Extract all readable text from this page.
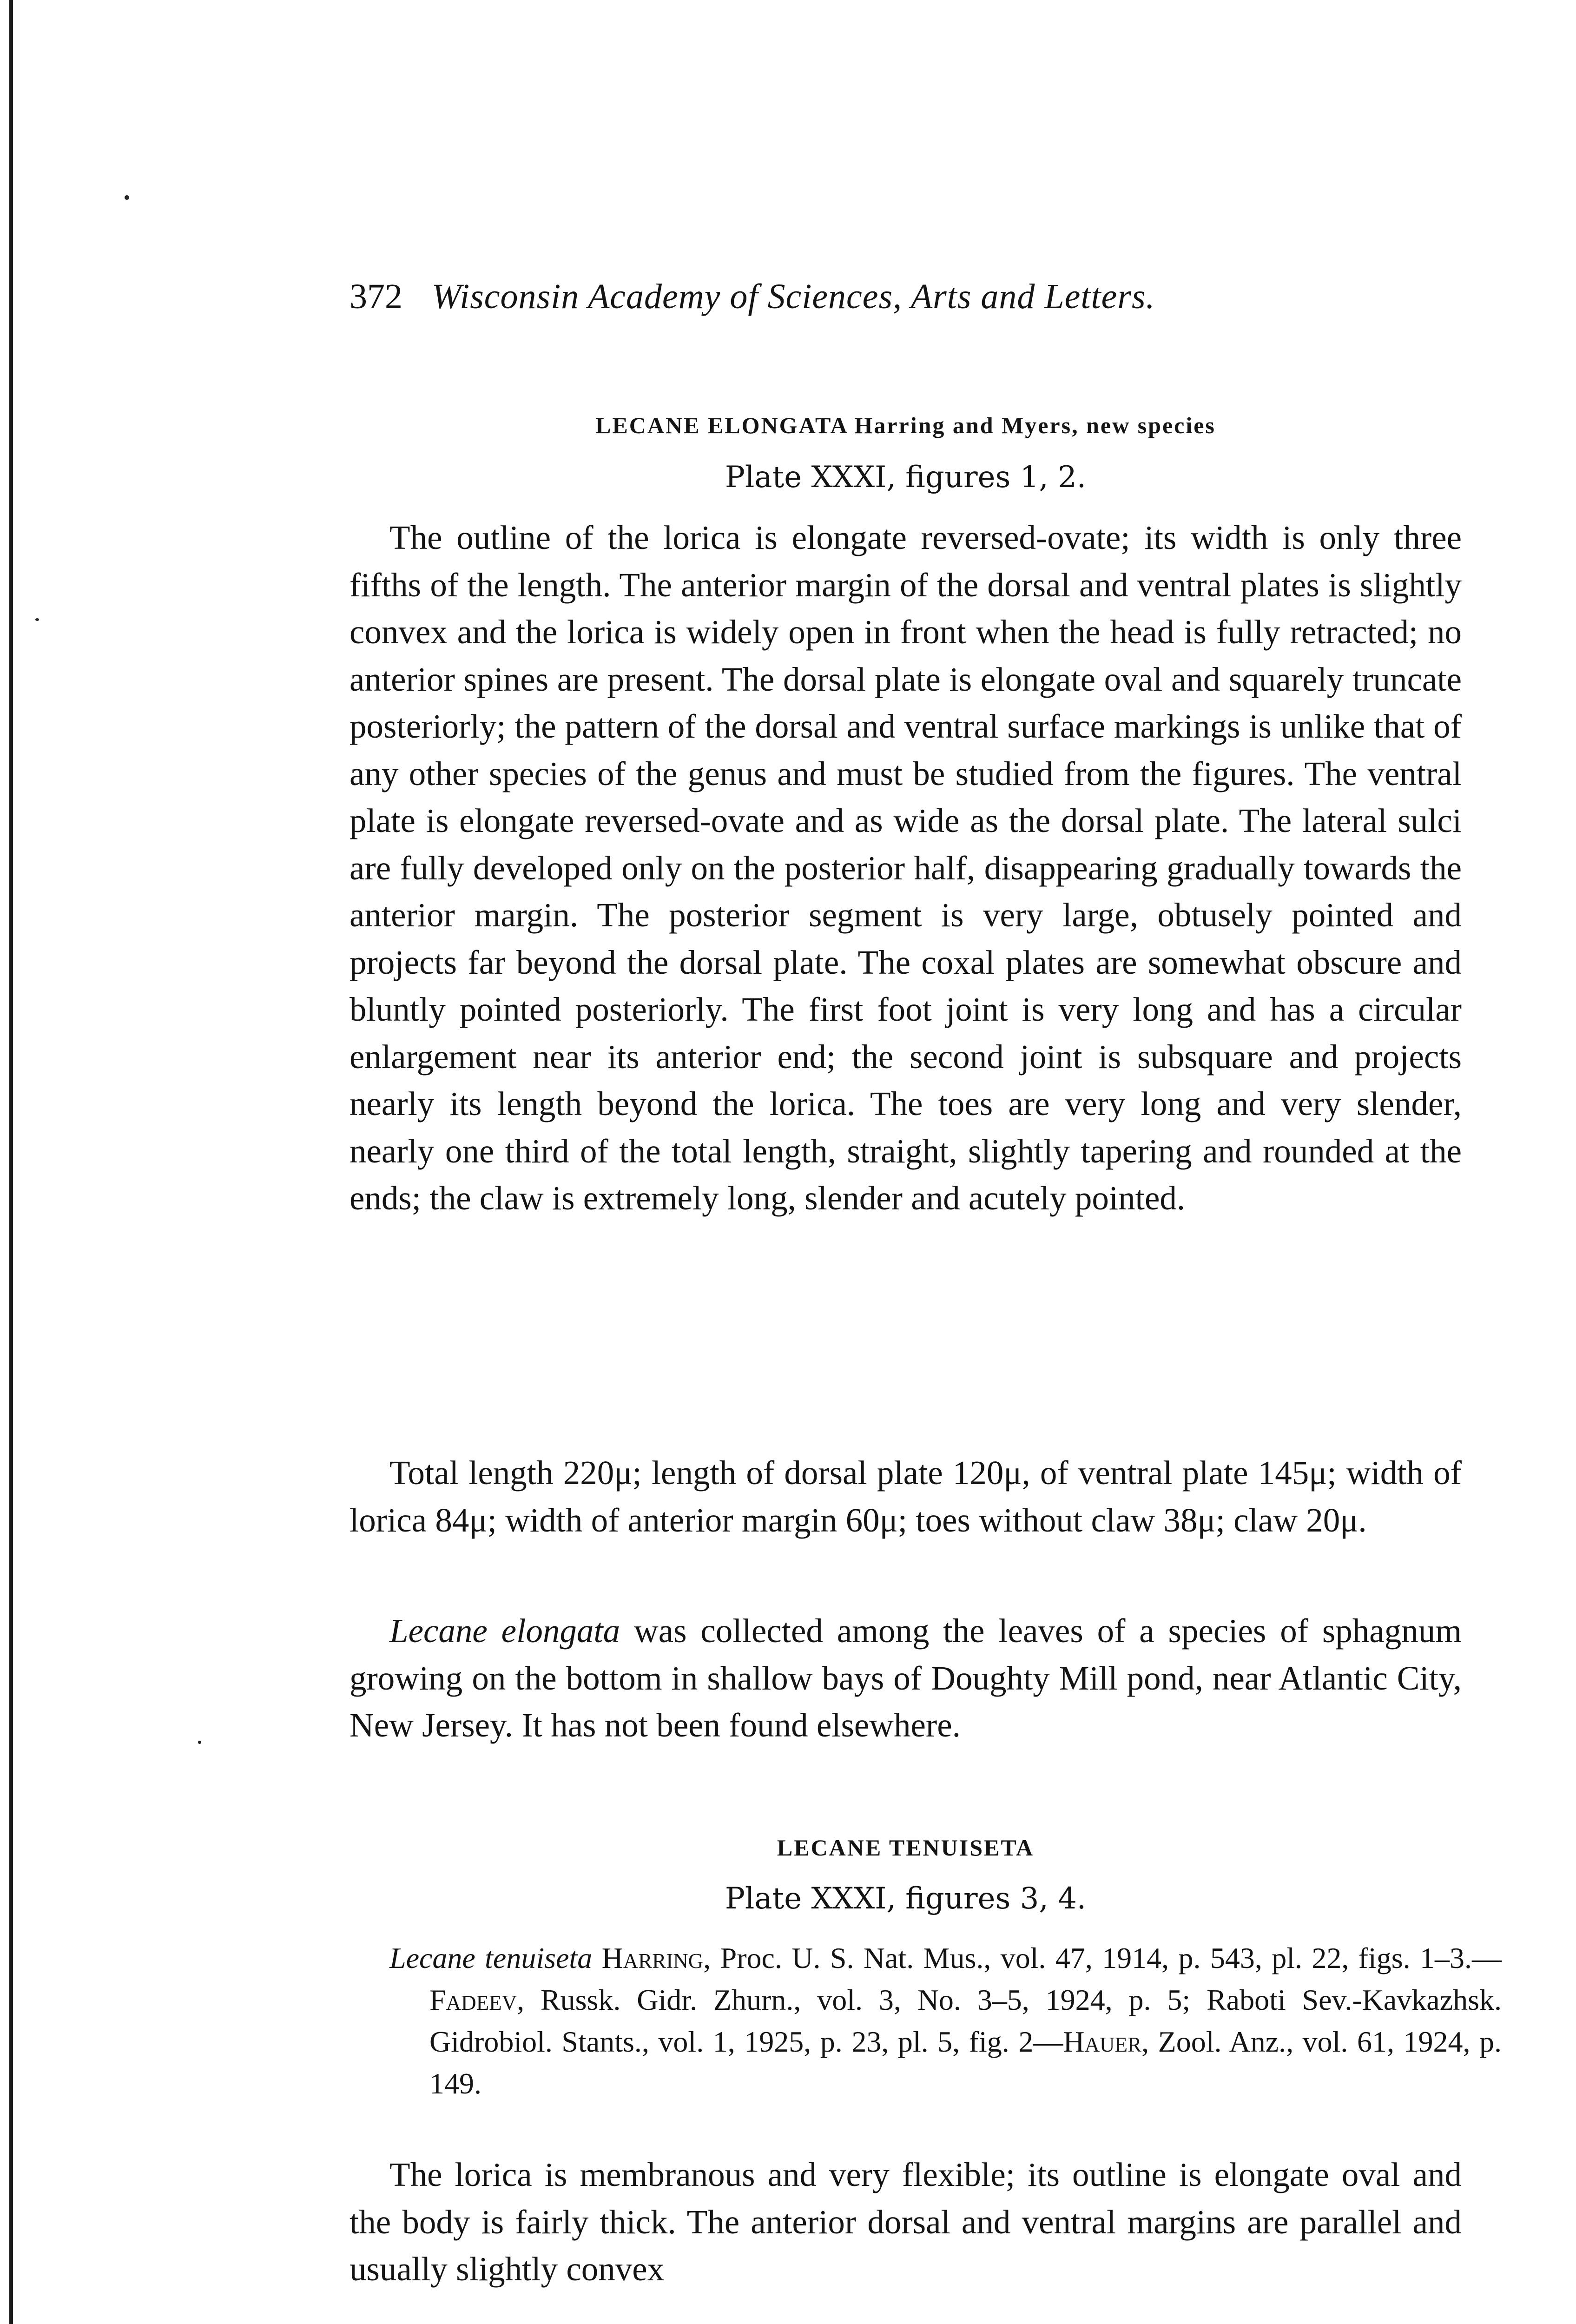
372 Wisconsin Academy of Sciences, Arts and Letters.
LECANE ELONGATA Harring and Myers, new species
Plate XXXI, figures 1, 2.

The outline of the lorica is elongate reversed-ovate; its width is only three fifths of the length. The anterior margin of the dorsal and ventral plates is slightly convex and the lorica is widely open in front when the head is fully retracted; no anterior spines are present. The dorsal plate is elongate oval and squarely truncate posteriorly; the pattern of the dorsal and ventral surface markings is unlike that of any other species of the genus and must be studied from the figures. The ventral plate is elongate reversed-ovate and as wide as the dorsal plate. The lateral sulci are fully developed only on the posterior half, disappearing gradually towards the anterior margin. The posterior segment is very large, obtusely pointed and projects far beyond the dorsal plate. The coxal plates are somewhat obscure and bluntly pointed posteriorly. The first foot joint is very long and has a circular enlargement near its anterior end; the second joint is subsquare and projects nearly its length beyond the lorica. The toes are very long and very slender, nearly one third of the total length, straight, slightly tapering and rounded at the ends; the claw is extremely long, slender and acutely pointed.

Total length 220μ; length of dorsal plate 120μ, of ventral plate 145μ; width of lorica 84μ; width of anterior margin 60μ; toes without claw 38μ; claw 20μ.

Lecane elongata was collected among the leaves of a species of sphagnum growing on the bottom in shallow bays of Doughty Mill pond, near Atlantic City, New Jersey. It has not been found elsewhere.

LECANE TENUISETA
Plate XXXI, figures 3, 4.

Lecane tenuiseta Harring, Proc. U. S. Nat. Mus., vol. 47, 1914, p. 543, pl. 22, figs. 1–3.—Fadeev, Russk. Gidr. Zhurn., vol. 3, No. 3–5, 1924, p. 5; Raboti Sev.-Kavkazhsk. Gidrobiol. Stants., vol. 1, 1925, p. 23, pl. 5, fig. 2—Hauer, Zool. Anz., vol. 61, 1924, p. 149.

The lorica is membranous and very flexible; its outline is elongate oval and the body is fairly thick. The anterior dorsal and ventral margins are parallel and usually slightly convex
